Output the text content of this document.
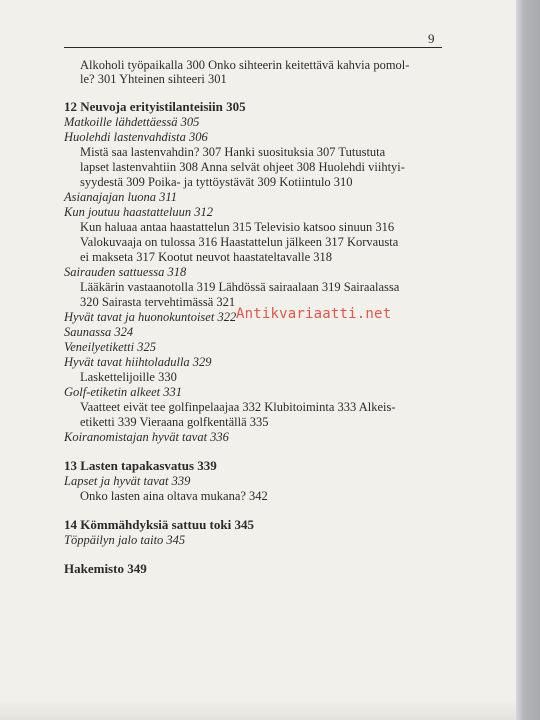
9
Alkoholi työpaikalla 300 Onko sihteerin keitettävä kahvia pomol-
le? 301 Yhteinen sihteeri 301
12 Neuvoja erityistilanteisiin 305
Matkoille lähdettäessä 305
Huolehdi lastenvahdista 306
Mistä saa lastenvahdin? 307 Hanki suosituksia 307 Tutustuta
lapset lastenvahtiin 308 Anna selvät ohjeet 308 Huolehdi viihtyi-
syydestä 309 Poika- ja tyttöystävät 309 Kotiintulo 310
Asianajajan luona 311
Kun joutuu haastatteluun 312
Kun haluaa antaa haastattelun 315 Televisio katsoo sinuun 316
Valokuvaaja on tulossa 316 Haastattelun jälkeen 317 Korvausta
ei makseta 317 Kootut neuvot haastateltavalle 318
Sairauden sattuessa 318
Lääkärin vastaanotolla 319 Lähdössä sairaalaan 319 Sairaalassa
320 Sairasta tervehtimässä 321
Hyvät tavat ja huonokuntoiset 322
Saunassa 324
Veneilyetiketti 325
Hyvät tavat hiihtoladulla 329
Laskettelijoille 330
Golf-etiketin alkeet 331
Vaatteet eivät tee golfinpelaajaa 332 Klubitoiminta 333 Alkeis-
etiketti 339 Vieraana golfkentällä 335
Koiranomistajan hyvät tavat 336
13 Lasten tapakasvatus 339
Lapset ja hyvät tavat 339
Onko lasten aina oltava mukana? 342
14 Kömmähdyksiä sattuu toki 345
Töppäilyn jalo taito 345
Hakemisto 349
Antikvariaatti.net
